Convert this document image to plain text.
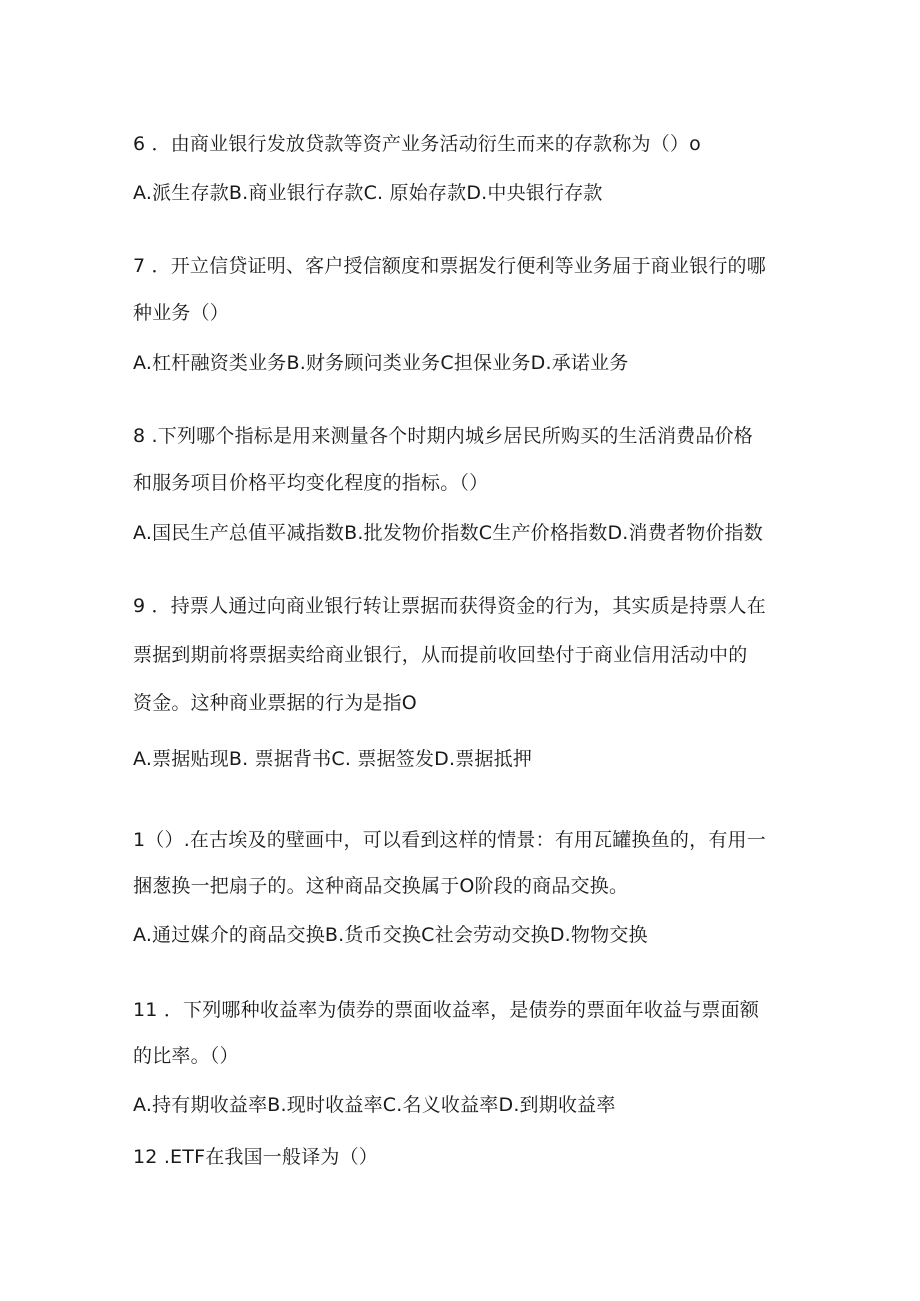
6 ．由商业银行发放贷款等资产业务活动衍生而来的存款称为（）o
A.派生存款B.商业银行存款C. 原始存款D.中央银行存款
7 ．开立信贷证明、客户授信额度和票据发行便利等业务届于商业银行的哪
种业务（）
A.杠杆融资类业务B.财务顾问类业务C担保业务D.承诺业务
8 .下列哪个指标是用来测量各个时期内城乡居民所购买的生活消费品价格
和服务项目价格平均变化程度的指标。（）
A.国民生产总值平减指数B.批发物价指数C生产价格指数D.消费者物价指数
9 ．持票人通过向商业银行转让票据而获得资金的行为，其实质是持票人在
票据到期前将票据卖给商业银行，从而提前收回垫付于商业信用活动中的
资金。这种商业票据的行为是指O
A.票据贴现B. 票据背书C. 票据签发D.票据抵押
1（）.在古埃及的壁画中，可以看到这样的情景：有用瓦罐换鱼的，有用一
捆葱换一把扇子的。这种商品交换属于O阶段的商品交换。
A.通过媒介的商品交换B.货币交换C社会劳动交换D.物物交换
11 ．下列哪种收益率为债券的票面收益率，是债券的票面年收益与票面额
的比率。（）
A.持有期收益率B.现时收益率C.名义收益率D.到期收益率
12 .ETF在我国一般译为（）
